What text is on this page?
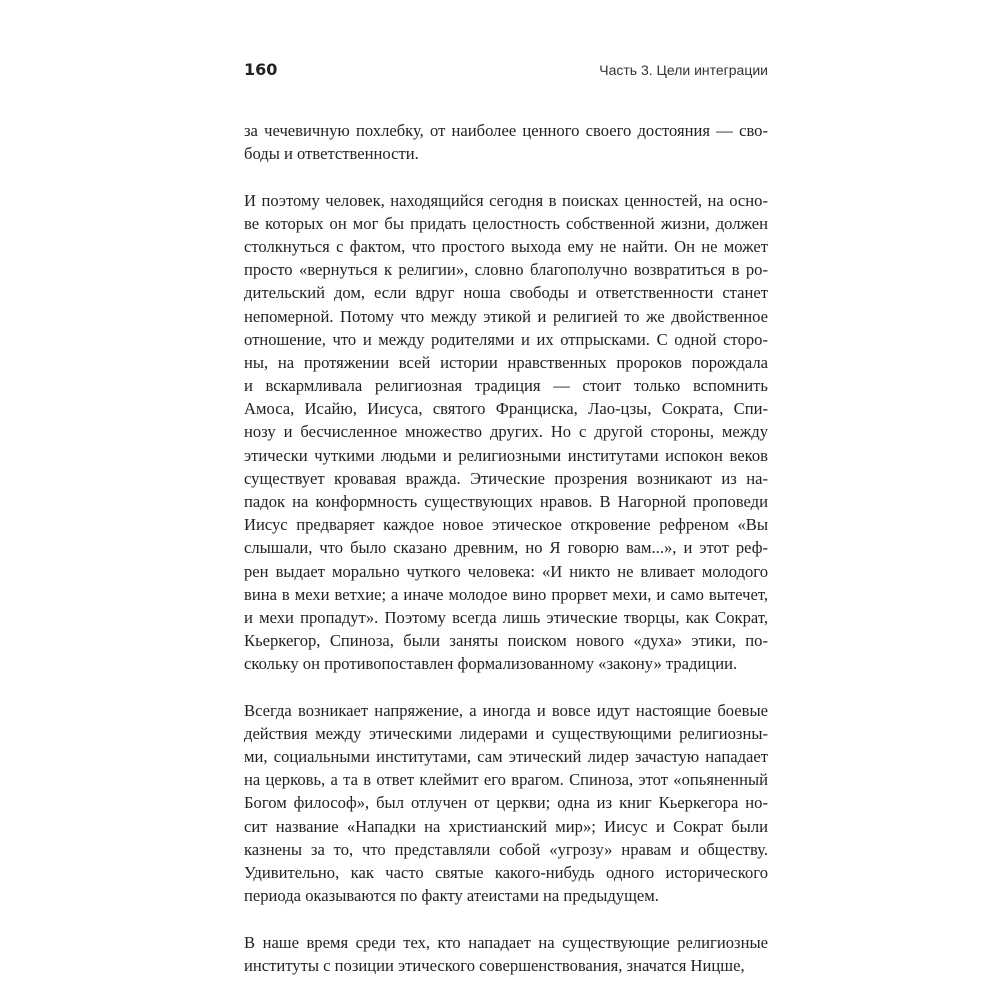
160	Часть 3. Цели интеграции
за чечевичную похлебку, от наиболее ценного своего достояния — сво-
боды и ответственности.
И поэтому человек, находящийся сегодня в поисках ценностей, на осно-
ве которых он мог бы придать целостность собственной жизни, должен
столкнуться с фактом, что простого выхода ему не найти. Он не может
просто «вернуться к религии», словно благополучно возвратиться в ро-
дительский дом, если вдруг ноша свободы и ответственности станет
непомерной. Потому что между этикой и религией то же двойственное
отношение, что и между родителями и их отпрысками. С одной сторо-
ны, на протяжении всей истории нравственных пророков порождала
и вскармливала религиозная традиция — стоит только вспомнить
Амоса, Исайю, Иисуса, святого Франциска, Лао-цзы, Сократа, Спи-
нозу и бесчисленное множество других. Но с другой стороны, между
этически чуткими людьми и религиозными институтами испокон веков
существует кровавая вражда. Этические прозрения возникают из на-
падок на конформность существующих нравов. В Нагорной проповеди
Иисус предваряет каждое новое этическое откровение рефреном «Вы
слышали, что было сказано древним, но Я говорю вам...», и этот реф-
рен выдает морально чуткого человека: «И никто не вливает молодого
вина в мехи ветхие; а иначе молодое вино прорвет мехи, и само вытечет,
и мехи пропадут». Поэтому всегда лишь этические творцы, как Сократ,
Кьеркегор, Спиноза, были заняты поиском нового «духа» этики, по-
скольку он противопоставлен формализованному «закону» традиции.
Всегда возникает напряжение, а иногда и вовсе идут настоящие боевые
действия между этическими лидерами и существующими религиозны-
ми, социальными институтами, сам этический лидер зачастую нападает
на церковь, а та в ответ клеймит его врагом. Спиноза, этот «опьяненный
Богом философ», был отлучен от церкви; одна из книг Кьеркегора но-
сит название «Нападки на христианский мир»; Иисус и Сократ были
казнены за то, что представляли собой «угрозу» нравам и обществу.
Удивительно, как часто святые какого-нибудь одного исторического
периода оказываются по факту атеистами на предыдущем.
В наше время среди тех, кто нападает на существующие религиозные
институты с позиции этического совершенствования, значатся Ницше,
